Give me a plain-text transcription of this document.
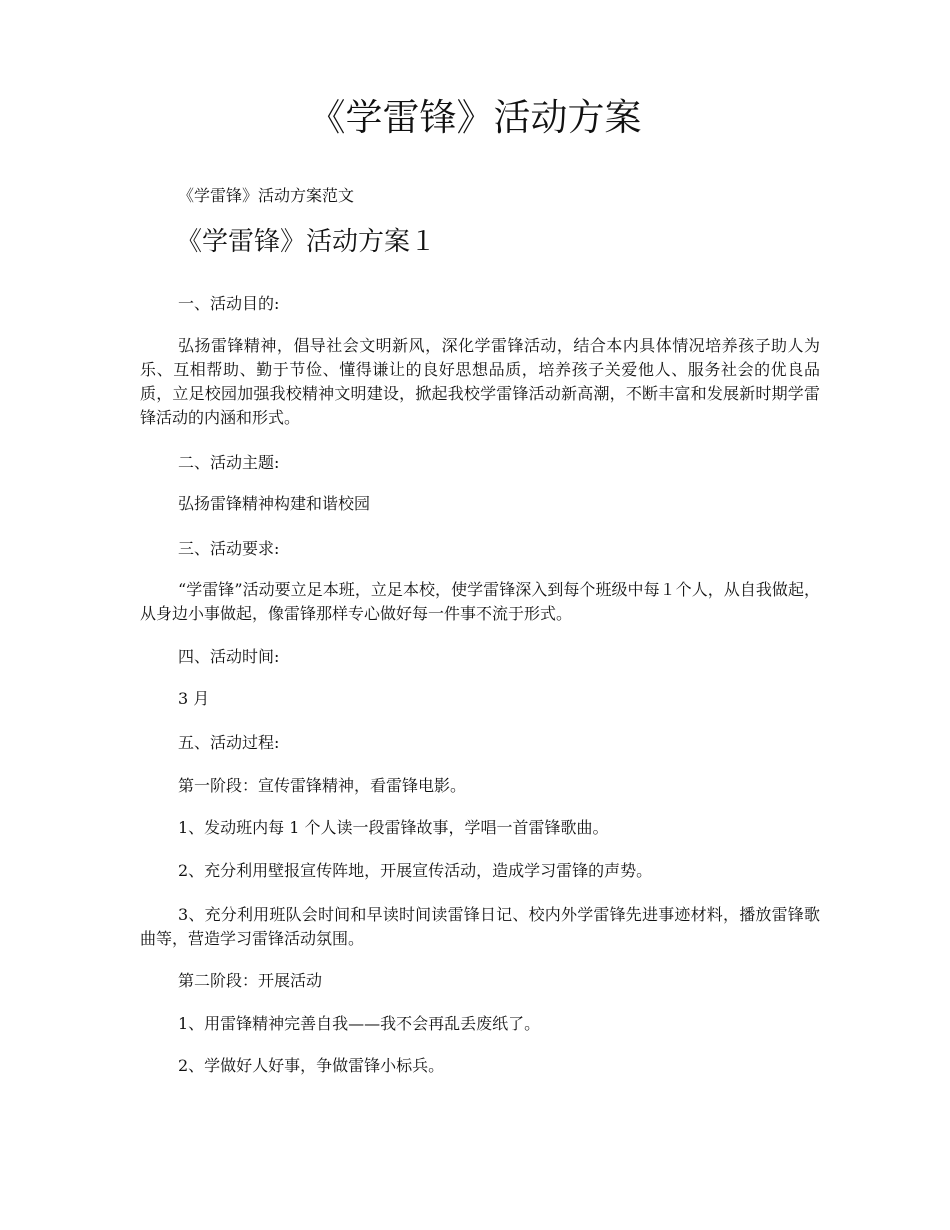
《学雷锋》活动方案

《学雷锋》活动方案范文

《学雷锋》活动方案１

一、活动目的:

弘扬雷锋精神，倡导社会文明新风，深化学雷锋活动，结合本内具体情况培养孩子助人为乐、互相帮助、勤于节俭、懂得谦让的良好思想品质，培养孩子关爱他人、服务社会的优良品质，立足校园加强我校精神文明建设，掀起我校学雷锋活动新高潮，不断丰富和发展新时期学雷锋活动的内涵和形式。

二、活动主题:

弘扬雷锋精神构建和谐校园

三、活动要求:

“学雷锋”活动要立足本班，立足本校，使学雷锋深入到每个班级中每１个人，从自我做起，从身边小事做起，像雷锋那样专心做好每一件事不流于形式。

四、活动时间:

3 月

五、活动过程:

第一阶段：宣传雷锋精神，看雷锋电影。

1、发动班内每 1 个人读一段雷锋故事，学唱一首雷锋歌曲。

2、充分利用壁报宣传阵地，开展宣传活动，造成学习雷锋的声势。

3、充分利用班队会时间和早读时间读雷锋日记、校内外学雷锋先进事迹材料，播放雷锋歌曲等，营造学习雷锋活动氛围。

第二阶段：开展活动

1、用雷锋精神完善自我——我不会再乱丢废纸了。

2、学做好人好事，争做雷锋小标兵。
